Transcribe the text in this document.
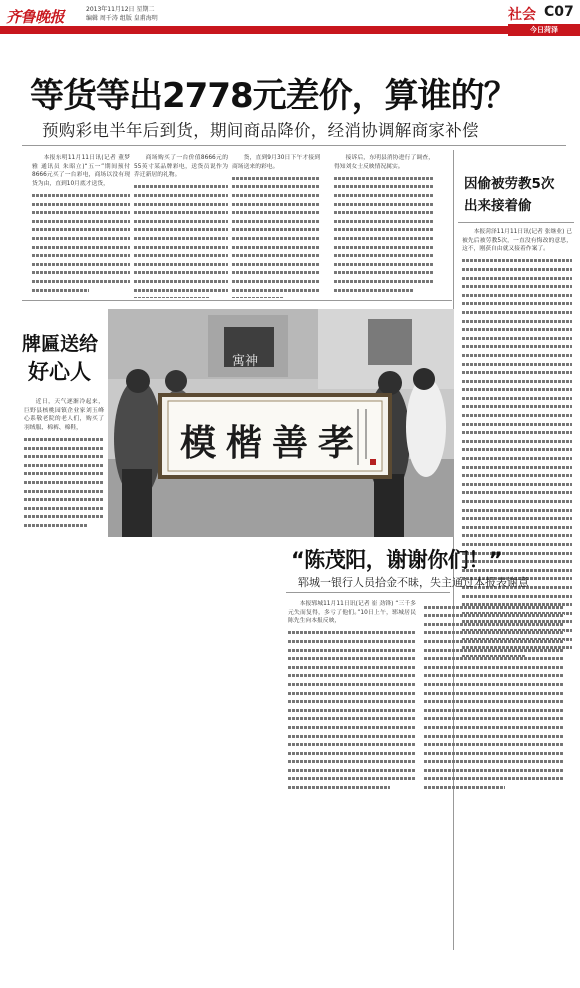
齐鲁晚报	2013年11月12日 星期二
编辑 周千涛 组版 皇甫海明	社会 C07
今日菏泽
等货等出2778元差价，算谁的？
预购彩电半年后到货，期间商品降价，经消协调解商家补偿
本报东明11月11日讯(记者 董梦雅 通讯员 朱昭立)“五一”期间预付8666元买了一台彩电，商场以没有现货为由，直到10月底才送货，
商场购买了一台价值8666元的55英寸某品牌彩电，送货员说作为乔迁新居的礼物。
货，直到9月30日下午才接到商场送来的彩电。
接诉后，东明县消协进行了调查，得知刘女士反映情况属实。
因偷被劳教5次
出来接着偷
本报菏泽11月11日讯(记者 张继业) 已被先后被劳教5次，一直没有悔改的意思，这不，刚获自由就又接着作案了。
牌匾送给
好心人
近日，天气逐渐冷起来，巨野县核桃园镇企业家刘玉峰心系敬老院的老人们，购买了羽绒服、棉裤、棉鞋，
寓神
模楷善孝
“陈茂阳，谢谢你们！”
郓城一银行人员拾金不昧，失主通过本报表谢意
本报郓城11月11日讯(记者 崔 劲锋) “三千多元失而复得，多亏了他们。”10日上午，郓城居民陈先生向本报反映，
